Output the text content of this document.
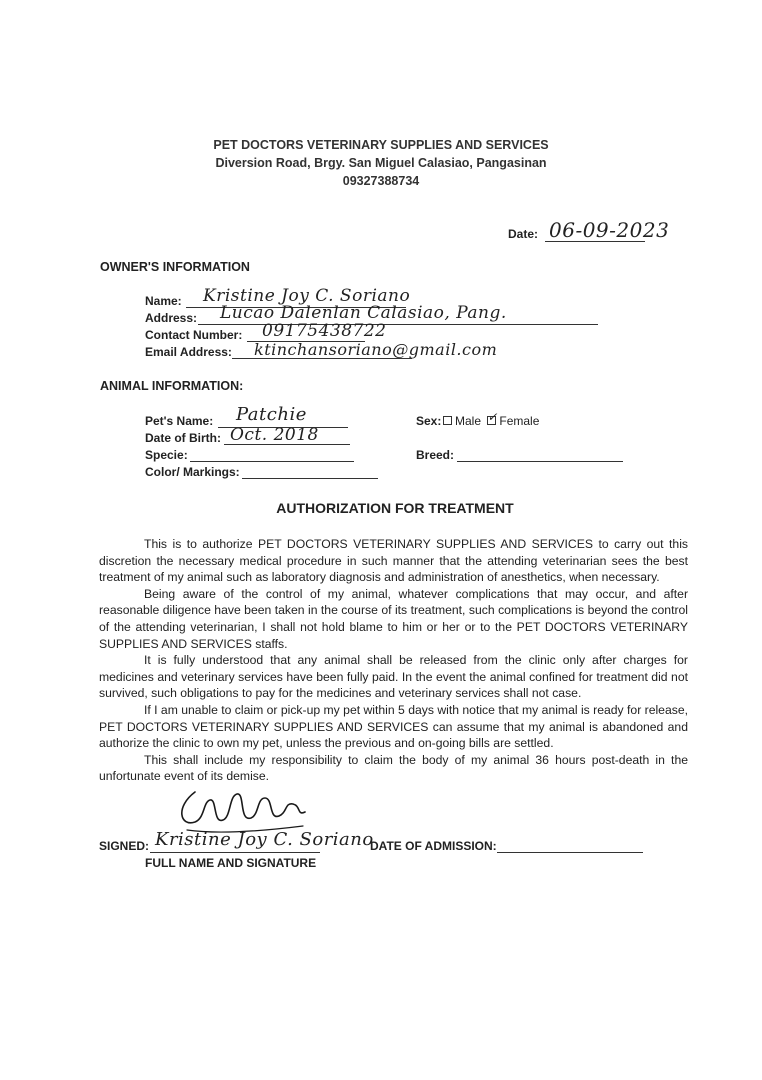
PET DOCTORS VETERINARY SUPPLIES AND SERVICES
Diversion Road, Brgy. San Miguel Calasiao, Pangasinan
09327388734
Date: 06-09-2023
OWNER'S INFORMATION
Name: Kristine Joy C. Soriano
Address: Lucao Dalenlan Calasiao, Pang.
Contact Number: 09175438722
Email Address: ktinchansoriano@gmail.com
ANIMAL INFORMATION:
Pet's Name: Patchie
Date of Birth: Oct. 2018
Specie:
Color/ Markings:
Sex:	Male ✓ Female
Breed:
AUTHORIZATION FOR TREATMENT

This is to authorize PET DOCTORS VETERINARY SUPPLIES AND SERVICES to carry out this discretion the necessary medical procedure in such manner that the attending veterinarian sees the best treatment of my animal such as laboratory diagnosis and administration of anesthetics, when necessary.

Being aware of the control of my animal, whatever complications that may occur, and after reasonable diligence have been taken in the course of its treatment, such complications is beyond the control of the attending veterinarian, I shall not hold blame to him or her or to the PET DOCTORS VETERINARY SUPPLIES AND SERVICES staffs.

It is fully understood that any animal shall be released from the clinic only after charges for medicines and veterinary services have been fully paid. In the event the animal confined for treatment did not survived, such obligations to pay for the medicines and veterinary services shall not case.

If I am unable to claim or pick-up my pet within 5 days with notice that my animal is ready for release, PET DOCTORS VETERINARY SUPPLIES AND SERVICES can assume that my animal is abandoned and authorize the clinic to own my pet, unless the previous and on-going bills are settled.

This shall include my responsibility to claim the body of my animal 36 hours post-death in the unfortunate event of its demise.

SIGNED: Kristine Joy C. Soriano
FULL NAME AND SIGNATURE
DATE OF ADMISSION:
